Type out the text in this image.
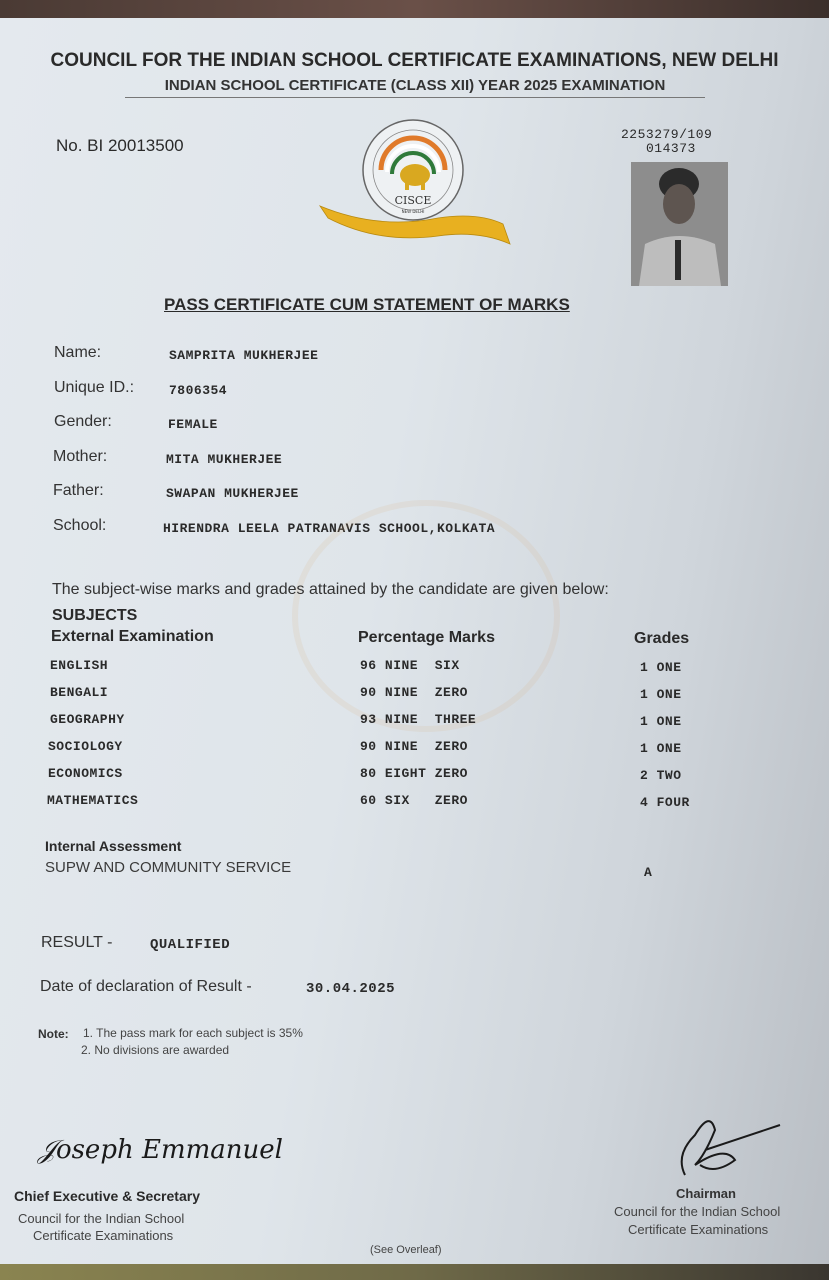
COUNCIL FOR THE INDIAN SCHOOL CERTIFICATE EXAMINATIONS, NEW DELHI
INDIAN SCHOOL CERTIFICATE (CLASS XII) YEAR 2025 EXAMINATION
No. BI 20013500
2253279/109
014373
CISCE
NEW DELHI
PASS CERTIFICATE CUM STATEMENT OF MARKS
Name:	SAMPRITA MUKHERJEE
Unique ID.:	7806354
Gender:	FEMALE
Mother:	MITA MUKHERJEE
Father:	SWAPAN MUKHERJEE
School:	HIRENDRA LEELA PATRANAVIS SCHOOL,KOLKATA
The subject-wise marks and grades attained by the candidate are given below:
SUBJECTS
External Examination	Percentage Marks	Grades
ENGLISH	96 NINE  SIX	1 ONE
BENGALI	90 NINE  ZERO	1 ONE
GEOGRAPHY	93 NINE  THREE	1 ONE
SOCIOLOGY	90 NINE  ZERO	1 ONE
ECONOMICS	80 EIGHT ZERO	2 TWO
MATHEMATICS	60 SIX   ZERO	4 FOUR
Internal Assessment
SUPW AND COMMUNITY SERVICE	A
RESULT -	QUALIFIED
Date of declaration of Result -	30.04.2025
Note: 1. The pass mark for each subject is 35%
2. No divisions are awarded
𝒥oseph Emmanuel
Chief Executive & Secretary
Council for the Indian School
Certificate Examinations
Chairman
Council for the Indian School
Certificate Examinations
(See Overleaf)
